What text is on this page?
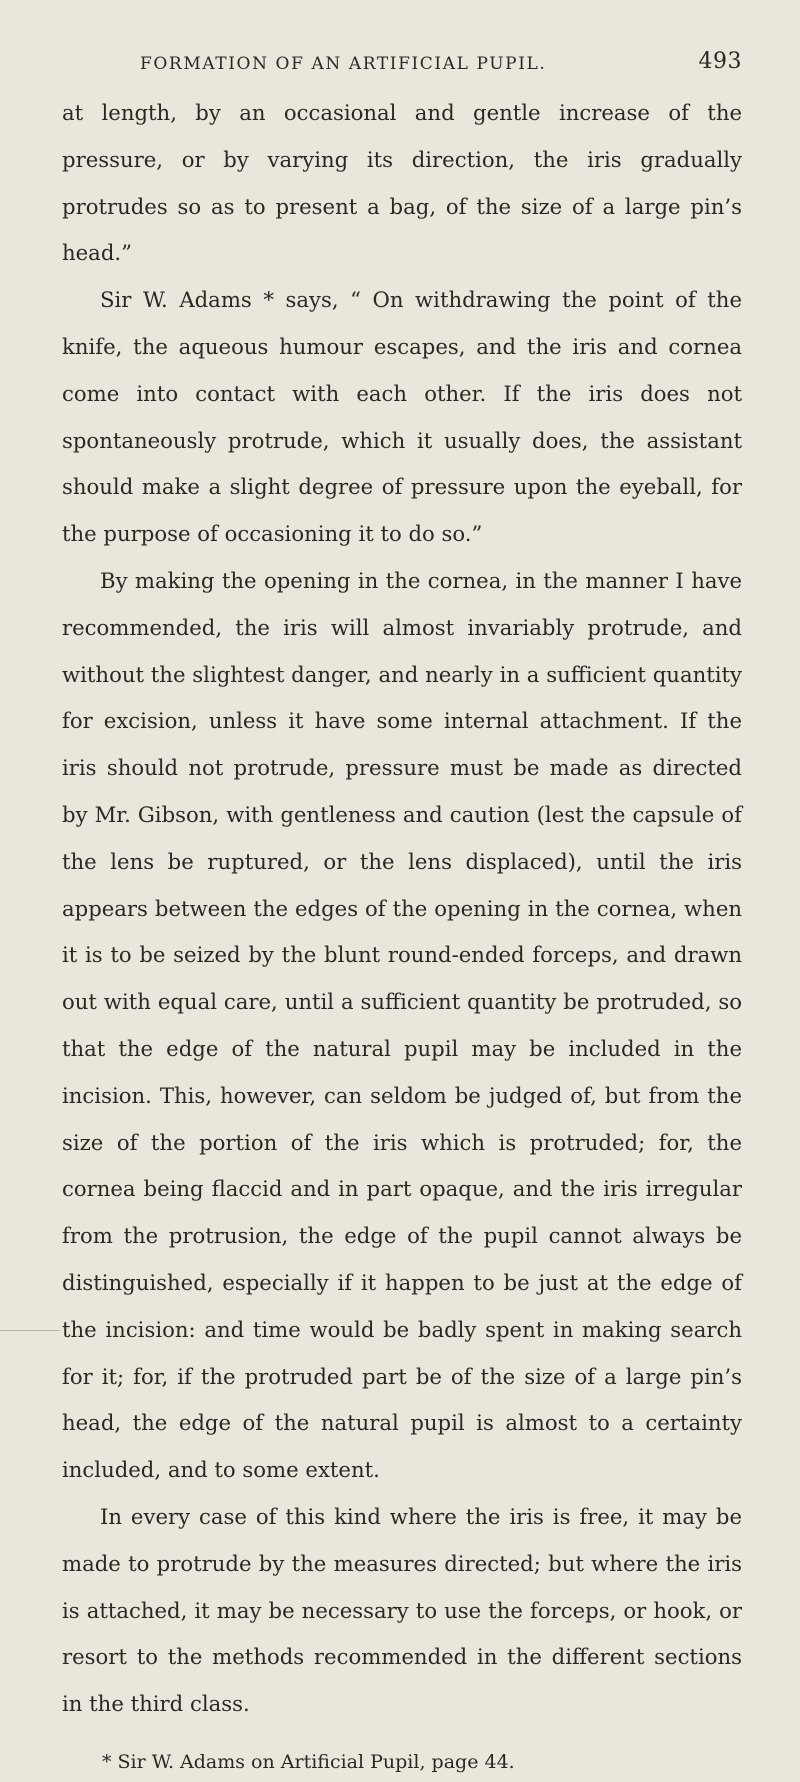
FORMATION OF AN ARTIFICIAL PUPIL.	493

at length, by an occasional and gentle increase of the pressure, or by varying its direction, the iris gradually protrudes so as to present a bag, of the size of a large pin’s head.”

Sir W. Adams * says, “ On withdrawing the point of the knife, the aqueous humour escapes, and the iris and cornea come into contact with each other. If the iris does not spontaneously protrude, which it usually does, the assistant should make a slight degree of pressure upon the eyeball, for the purpose of occasioning it to do so.”

By making the opening in the cornea, in the manner I have recommended, the iris will almost invariably protrude, and without the slightest danger, and nearly in a sufficient quantity for excision, unless it have some internal attachment. If the iris should not protrude, pressure must be made as directed by Mr. Gibson, with gentleness and caution (lest the capsule of the lens be ruptured, or the lens displaced), until the iris appears between the edges of the opening in the cornea, when it is to be seized by the blunt round-ended forceps, and drawn out with equal care, until a sufficient quantity be protruded, so that the edge of the natural pupil may be included in the incision. This, however, can seldom be judged of, but from the size of the portion of the iris which is protruded; for, the cornea being flaccid and in part opaque, and the iris irregular from the protrusion, the edge of the pupil cannot always be distinguished, especially if it happen to be just at the edge of the incision: and time would be badly spent in making search for it; for, if the protruded part be of the size of a large pin’s head, the edge of the natural pupil is almost to a certainty included, and to some extent.

In every case of this kind where the iris is free, it may be made to protrude by the measures directed; but where the iris is attached, it may be necessary to use the forceps, or hook, or resort to the methods recommended in the different sections in the third class.

* Sir W. Adams on Artificial Pupil, page 44.
